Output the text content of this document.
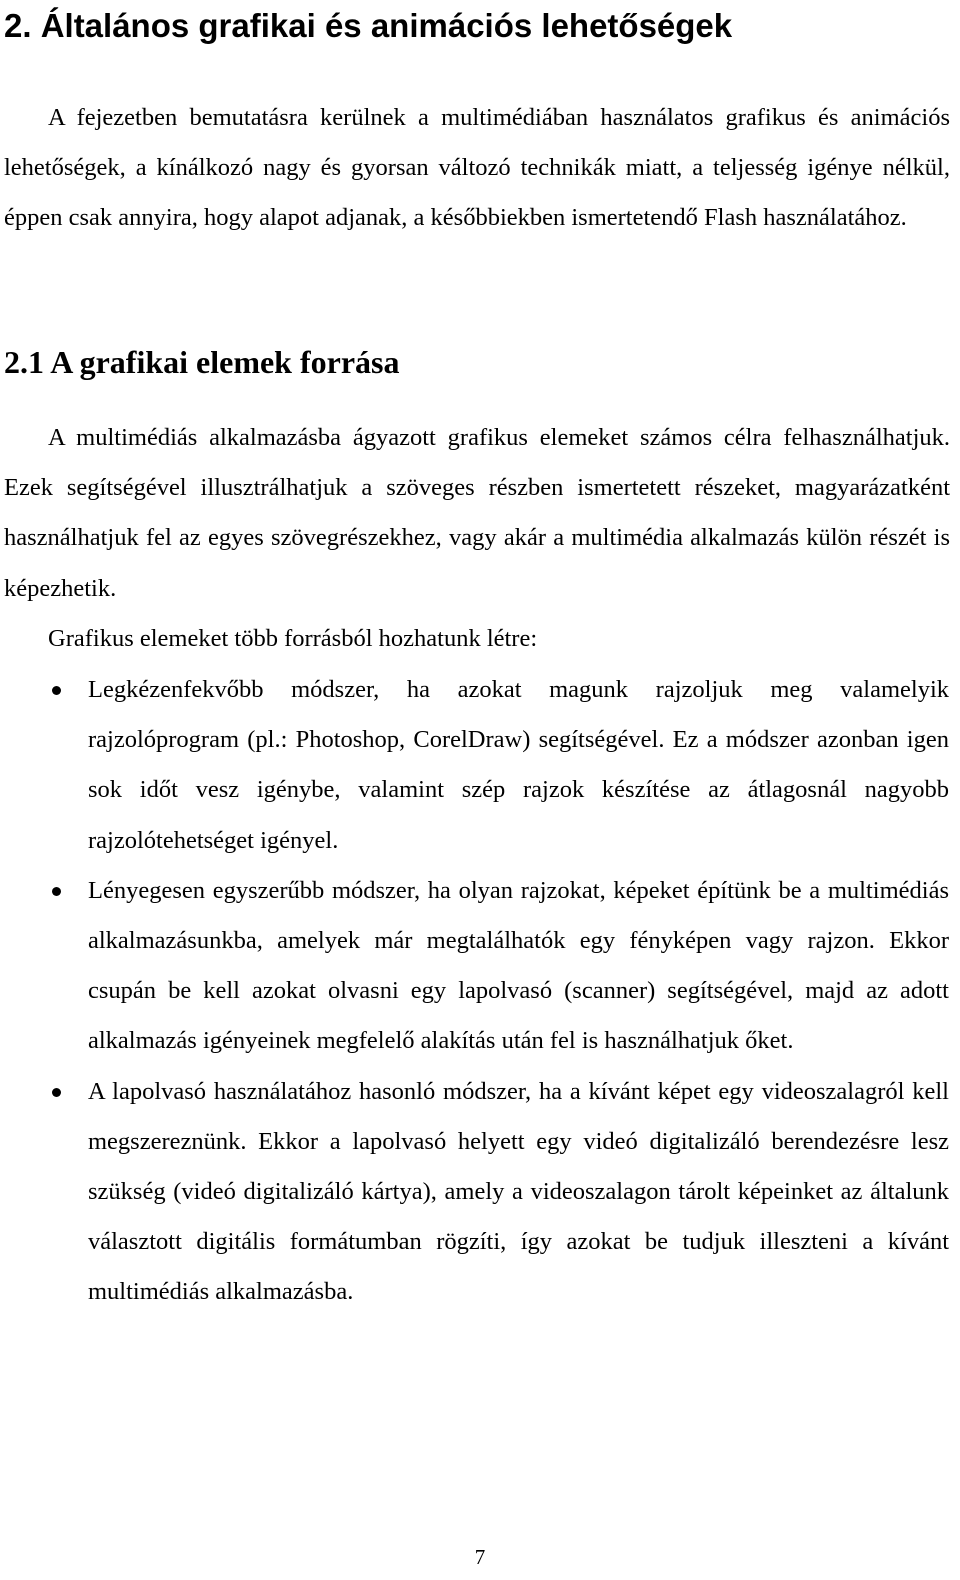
2. Általános grafikai és animációs lehetőségek

A fejezetben bemutatásra kerülnek a multimédiában használatos grafikus és animációs lehetőségek, a kínálkozó nagy és gyorsan változó technikák miatt, a teljesség igénye nélkül, éppen csak annyira, hogy alapot adjanak, a későbbiekben ismertetendő Flash használatához.

2.1 A grafikai elemek forrása

A multimédiás alkalmazásba ágyazott grafikus elemeket számos célra felhasználhatjuk. Ezek segítségével illusztrálhatjuk a szöveges részben ismertetett részeket, magyarázatként használhatjuk fel az egyes szövegrészekhez, vagy akár a multimédia alkalmazás külön részét is képezhetik.

Grafikus elemeket több forrásból hozhatunk létre:

Legkézenfekvőbb módszer, ha azokat magunk rajzoljuk meg valamelyik rajzolóprogram (pl.: Photoshop, CorelDraw) segítségével. Ez a módszer azonban igen sok időt vesz igénybe, valamint szép rajzok készítése az átlagosnál nagyobb rajzolótehetséget igényel.

Lényegesen egyszerűbb módszer, ha olyan rajzokat, képeket építünk be a multimédiás alkalmazásunkba, amelyek már megtalálhatók egy fényképen vagy rajzon. Ekkor csupán be kell azokat olvasni egy lapolvasó (scanner) segítségével, majd az adott alkalmazás igényeinek megfelelő alakítás után fel is használhatjuk őket.

A lapolvasó használatához hasonló módszer, ha a kívánt képet egy videoszalagról kell megszereznünk. Ekkor a lapolvasó helyett egy videó digitalizáló berendezésre lesz szükség (videó digitalizáló kártya), amely a videoszalagon tárolt képeinket az általunk választott digitális formátumban rögzíti, így azokat be tudjuk illeszteni a kívánt multimédiás alkalmazásba.

7
